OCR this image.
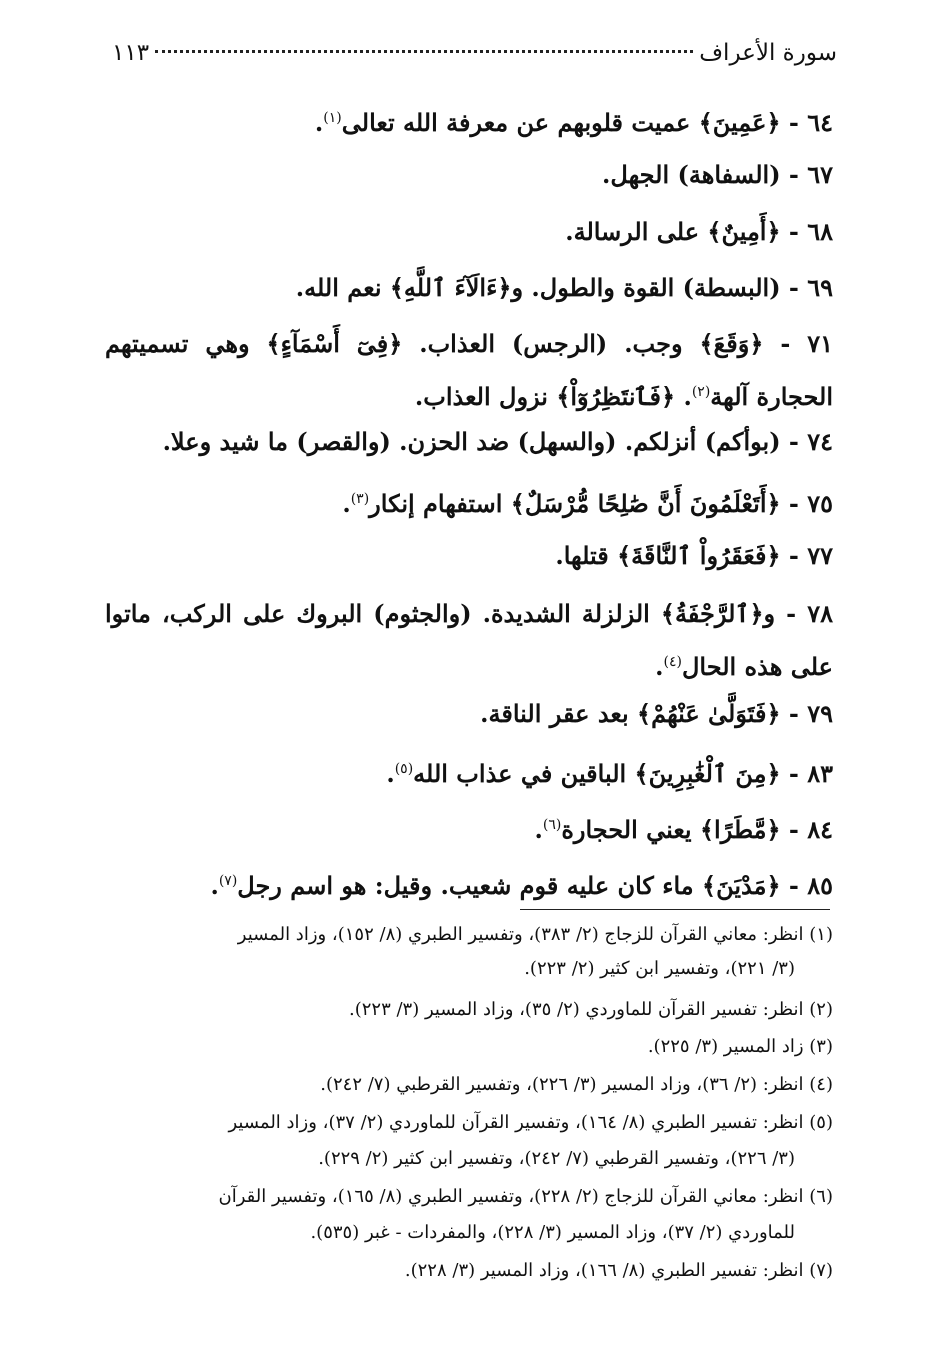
سورة الأعراف
١١٣
٦٤ - ﴿عَمِينَ﴾ عميت قلوبهم عن معرفة الله تعالى$^{(١)}$.
٦٧ - (السفاهة) الجهل.
٦٨ - ﴿أَمِينٌ﴾ على الرسالة.
٦٩ - (البسطة) القوة والطول. و﴿ءَالَآءَ ٱللَّهِ﴾ نعم الله.
٧١ - ﴿وَقَعَ﴾ وجب. (الرجس) العذاب. ﴿فِىٓ أَسْمَآءٍ﴾ وهي تسميتهم الحجارة آلهة$^{(٢)}$. ﴿فَٱنتَظِرُوٓاْ﴾ نزول العذاب.
٧٤ - (بوأكم) أنزلكم. (والسهل) ضد الحزن. (والقصر) ما شيد وعلا.
٧٥ - ﴿أَتَعْلَمُونَ أَنَّ صَٰلِحًا مُّرْسَلٌ﴾ استفهام إنكار$^{(٣)}$.
٧٧ - ﴿فَعَقَرُواْ ٱلنَّاقَةَ﴾ قتلها.
٧٨ - و﴿ٱلرَّجْفَةُ﴾ الزلزلة الشديدة. (والجثوم) البروك على الركب، ماتوا على هذه الحال$^{(٤)}$.
٧٩ - ﴿فَتَوَلَّىٰ عَنْهُمْ﴾ بعد عقر الناقة.
٨٣ - ﴿مِنَ ٱلْغَٰبِرِينَ﴾ الباقين في عذاب الله$^{(٥)}$.
٨٤ - ﴿مَّطَرًا﴾ يعني الحجارة$^{(٦)}$.
٨٥ - ﴿مَدْيَنَ﴾ ماء كان عليه قوم شعيب. وقيل: هو اسم رجل$^{(٧)}$.
(١) انظر: معاني القرآن للزجاج (٢/ ٣٨٣)، وتفسير الطبري (٨/ ١٥٢)، وزاد المسير
(٣/ ٢٢١)، وتفسير ابن كثير (٢/ ٢٢٣).
(٢) انظر: تفسير القرآن للماوردي (٢/ ٣٥)، وزاد المسير (٣/ ٢٢٣).
(٣) زاد المسير (٣/ ٢٢٥).
(٤) انظر: (٢/ ٣٦)، وزاد المسير (٣/ ٢٢٦)، وتفسير القرطبي (٧/ ٢٤٢).
(٥) انظر: تفسير الطبري (٨/ ١٦٤)، وتفسير القرآن للماوردي (٢/ ٣٧)، وزاد المسير
(٣/ ٢٢٦)، وتفسير القرطبي (٧/ ٢٤٢)، وتفسير ابن كثير (٢/ ٢٢٩).
(٦) انظر: معاني القرآن للزجاج (٢/ ٢٢٨)، وتفسير الطبري (٨/ ١٦٥)، وتفسير القرآن
للماوردي (٢/ ٣٧)، وزاد المسير (٣/ ٢٢٨)، والمفردات - غبر (٥٣٥).
(٧) انظر: تفسير الطبري (٨/ ١٦٦)، وزاد المسير (٣/ ٢٢٨).
